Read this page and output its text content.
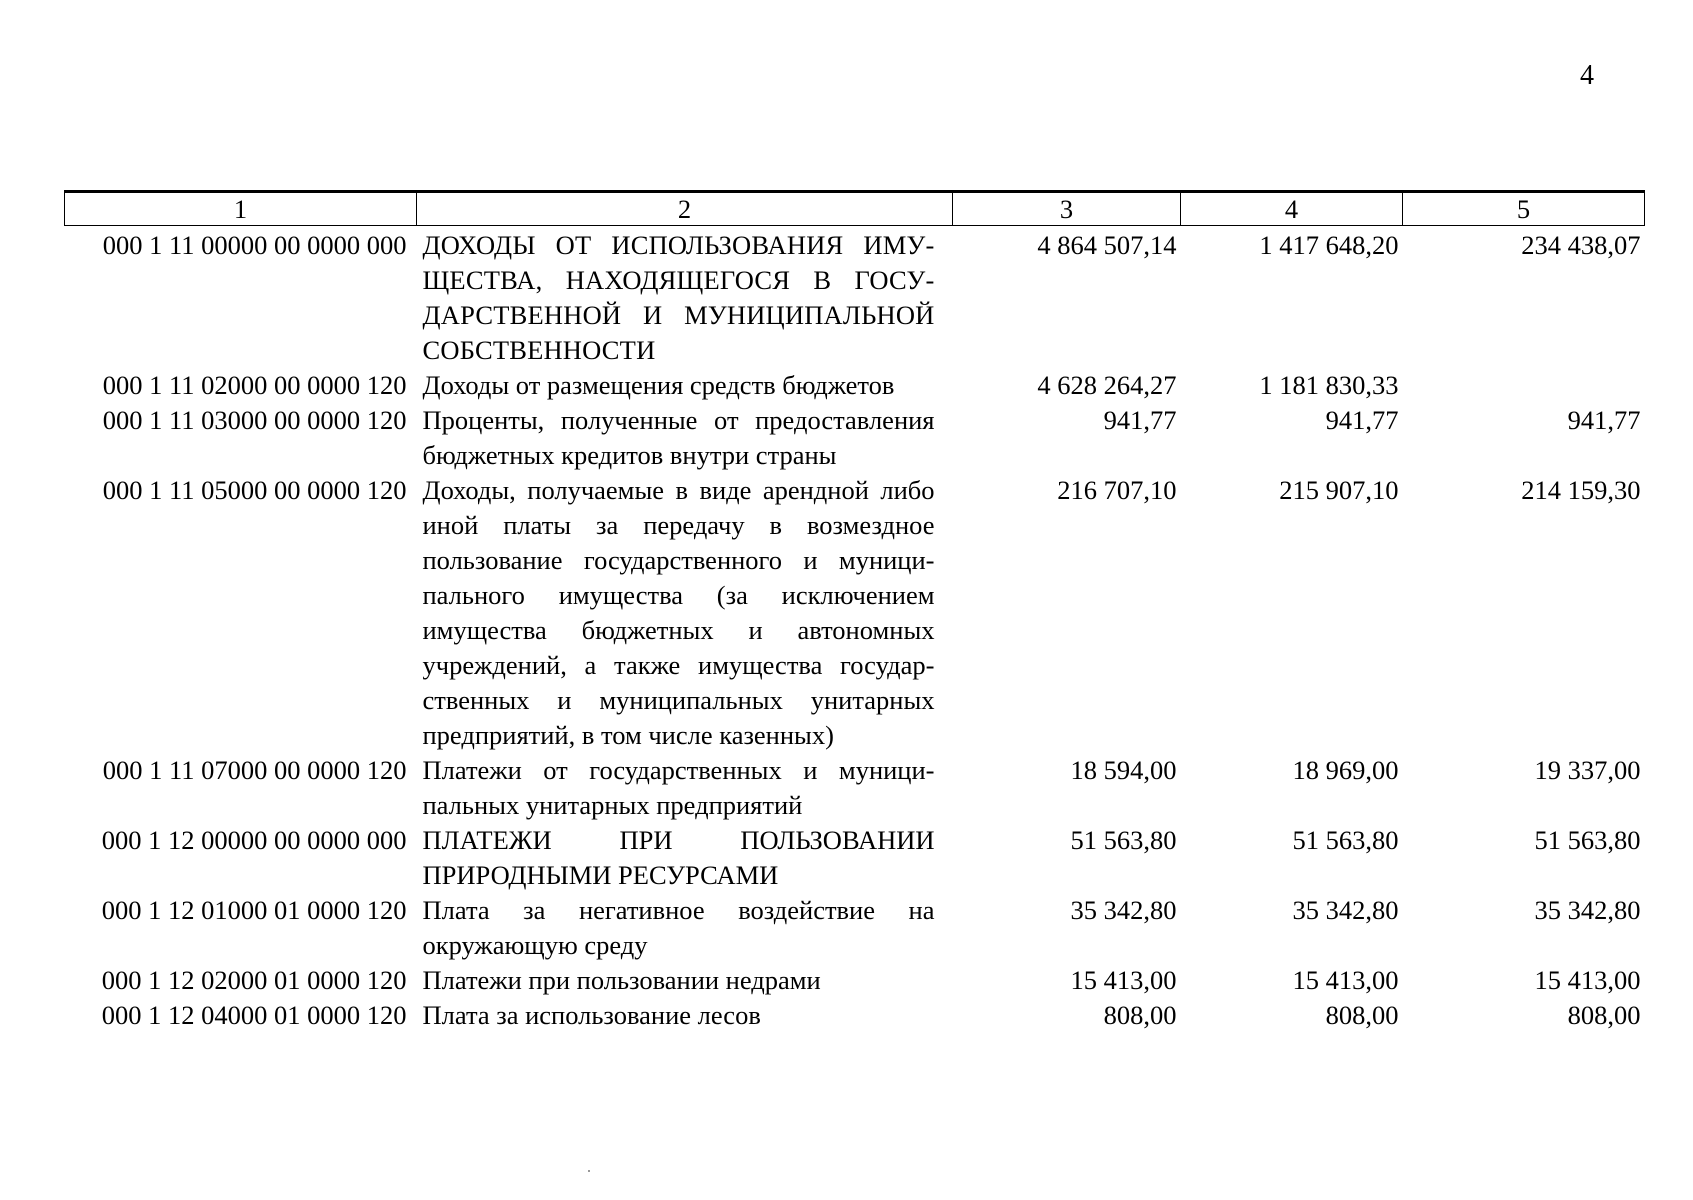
4
1	2	3	4	5
000 1 11 00000 00 0000 000	ДОХОДЫ ОТ ИСПОЛЬЗОВАНИЯ ИМУ-ЩЕСТВА, НАХОДЯЩЕГОСЯ В ГОСУ-ДАРСТВЕННОЙ И МУНИЦИПАЛЬНОЙ СОБСТВЕННОСТИ	4 864 507,14	1 417 648,20	234 438,07
000 1 11 02000 00 0000 120	Доходы от размещения средств бюджетов	4 628 264,27	1 181 830,33	
000 1 11 03000 00 0000 120	Проценты, полученные от предоставления бюджетных кредитов внутри страны	941,77	941,77	941,77
000 1 11 05000 00 0000 120	Доходы, получаемые в виде арендной либо иной платы за передачу в возмездное пользование государственного и муници-пального имущества (за исключением имущества бюджетных и автономных учреждений, а также имущества государ-ственных и муниципальных унитарных предприятий, в том числе казенных)	216 707,10	215 907,10	214 159,30
000 1 11 07000 00 0000 120	Платежи от государственных и муници-пальных унитарных предприятий	18 594,00	18 969,00	19 337,00
000 1 12 00000 00 0000 000	ПЛАТЕЖИ ПРИ ПОЛЬЗОВАНИИ ПРИРОДНЫМИ РЕСУРСАМИ	51 563,80	51 563,80	51 563,80
000 1 12 01000 01 0000 120	Плата за негативное воздействие на окружающую среду	35 342,80	35 342,80	35 342,80
000 1 12 02000 01 0000 120	Платежи при пользовании недрами	15 413,00	15 413,00	15 413,00
000 1 12 04000 01 0000 120	Плата за использование лесов	808,00	808,00	808,00
